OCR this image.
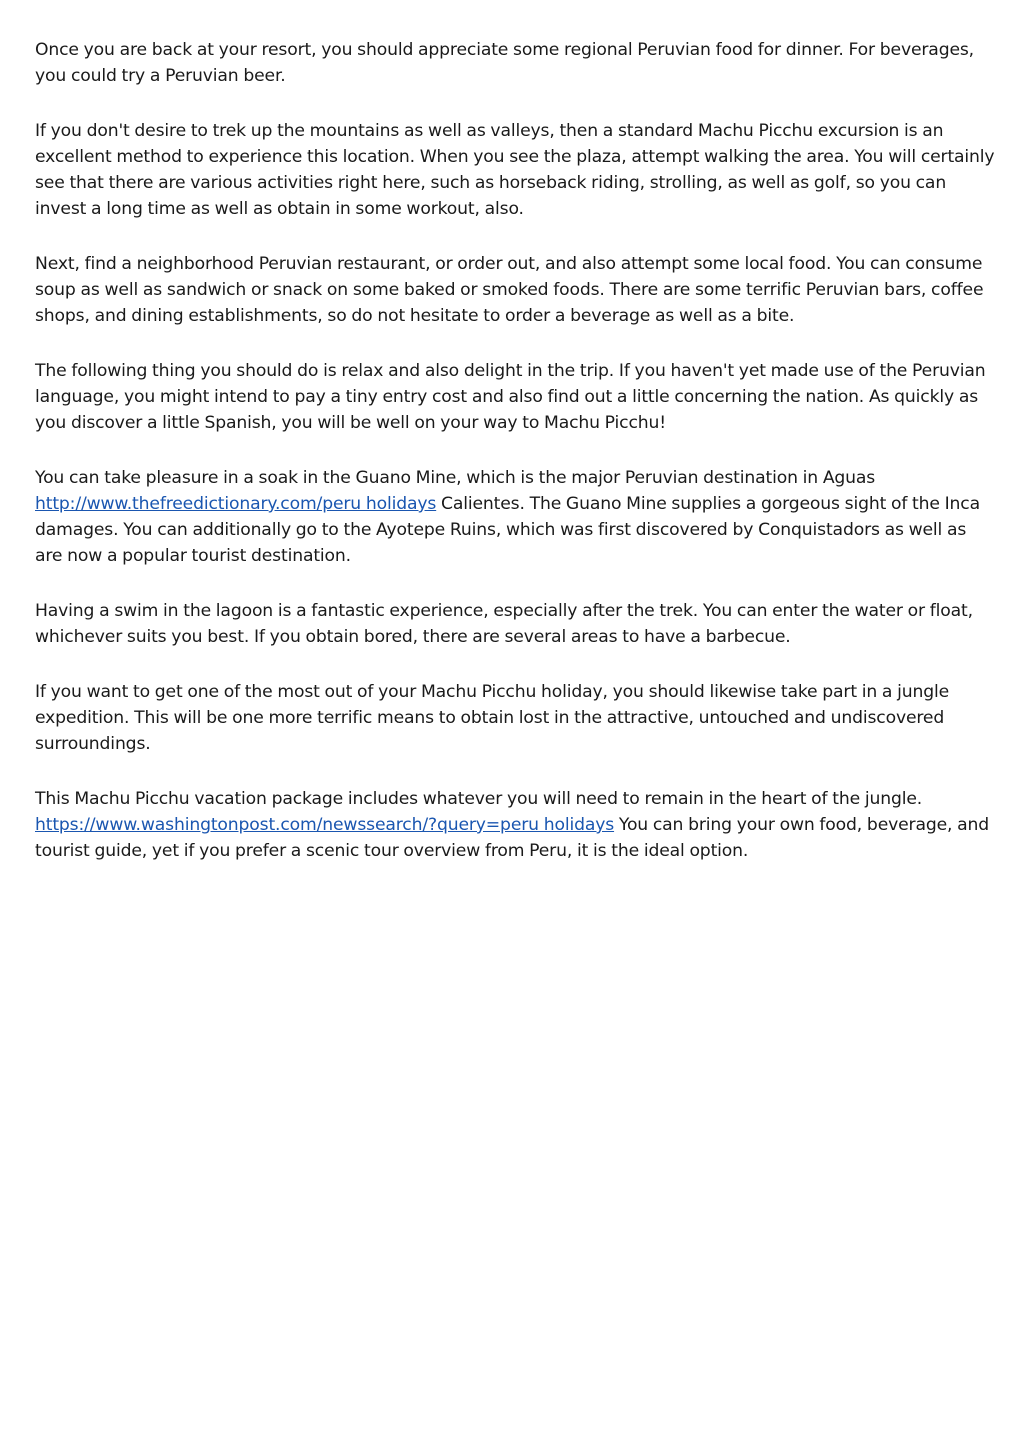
Once you are back at your resort, you should appreciate some regional Peruvian food for dinner. For beverages, you could try a Peruvian beer.

If you don't desire to trek up the mountains as well as valleys, then a standard Machu Picchu excursion is an excellent method to experience this location. When you see the plaza, attempt walking the area. You will certainly see that there are various activities right here, such as horseback riding, strolling, as well as golf, so you can invest a long time as well as obtain in some workout, also.

Next, find a neighborhood Peruvian restaurant, or order out, and also attempt some local food. You can consume soup as well as sandwich or snack on some baked or smoked foods. There are some terrific Peruvian bars, coffee shops, and dining establishments, so do not hesitate to order a beverage as well as a bite.

The following thing you should do is relax and also delight in the trip. If you haven't yet made use of the Peruvian language, you might intend to pay a tiny entry cost and also find out a little concerning the nation. As quickly as you discover a little Spanish, you will be well on your way to Machu Picchu!

You can take pleasure in a soak in the Guano Mine, which is the major Peruvian destination in Aguas http://www.thefreedictionary.com/peru holidays Calientes. The Guano Mine supplies a gorgeous sight of the Inca damages. You can additionally go to the Ayotepe Ruins, which was first discovered by Conquistadors as well as are now a popular tourist destination.

Having a swim in the lagoon is a fantastic experience, especially after the trek. You can enter the water or float, whichever suits you best. If you obtain bored, there are several areas to have a barbecue.

If you want to get one of the most out of your Machu Picchu holiday, you should likewise take part in a jungle expedition. This will be one more terrific means to obtain lost in the attractive, untouched and undiscovered surroundings.

This Machu Picchu vacation package includes whatever you will need to remain in the heart of the jungle. https://www.washingtonpost.com/newssearch/?query=peru holidays You can bring your own food, beverage, and tourist guide, yet if you prefer a scenic tour overview from Peru, it is the ideal option.
